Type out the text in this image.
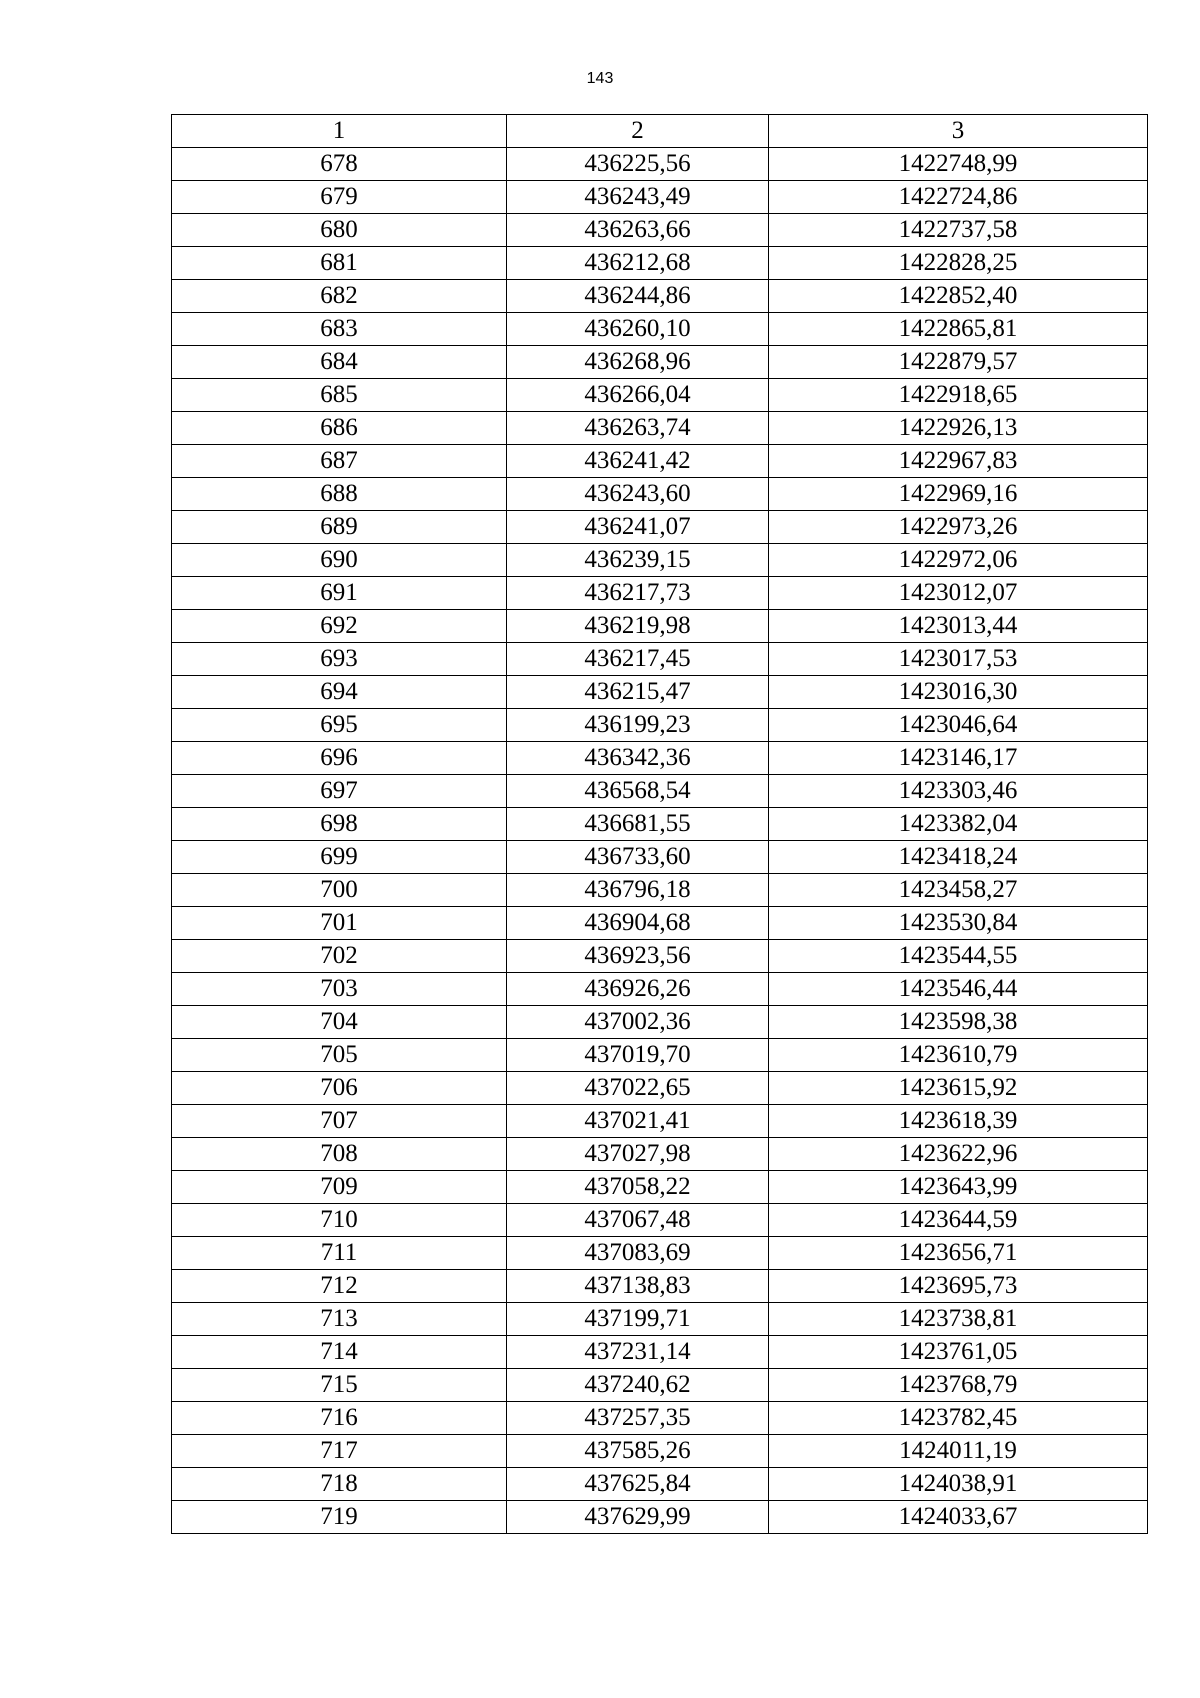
143
1	2	3
678	436225,56	1422748,99
679	436243,49	1422724,86
680	436263,66	1422737,58
681	436212,68	1422828,25
682	436244,86	1422852,40
683	436260,10	1422865,81
684	436268,96	1422879,57
685	436266,04	1422918,65
686	436263,74	1422926,13
687	436241,42	1422967,83
688	436243,60	1422969,16
689	436241,07	1422973,26
690	436239,15	1422972,06
691	436217,73	1423012,07
692	436219,98	1423013,44
693	436217,45	1423017,53
694	436215,47	1423016,30
695	436199,23	1423046,64
696	436342,36	1423146,17
697	436568,54	1423303,46
698	436681,55	1423382,04
699	436733,60	1423418,24
700	436796,18	1423458,27
701	436904,68	1423530,84
702	436923,56	1423544,55
703	436926,26	1423546,44
704	437002,36	1423598,38
705	437019,70	1423610,79
706	437022,65	1423615,92
707	437021,41	1423618,39
708	437027,98	1423622,96
709	437058,22	1423643,99
710	437067,48	1423644,59
711	437083,69	1423656,71
712	437138,83	1423695,73
713	437199,71	1423738,81
714	437231,14	1423761,05
715	437240,62	1423768,79
716	437257,35	1423782,45
717	437585,26	1424011,19
718	437625,84	1424038,91
719	437629,99	1424033,67
